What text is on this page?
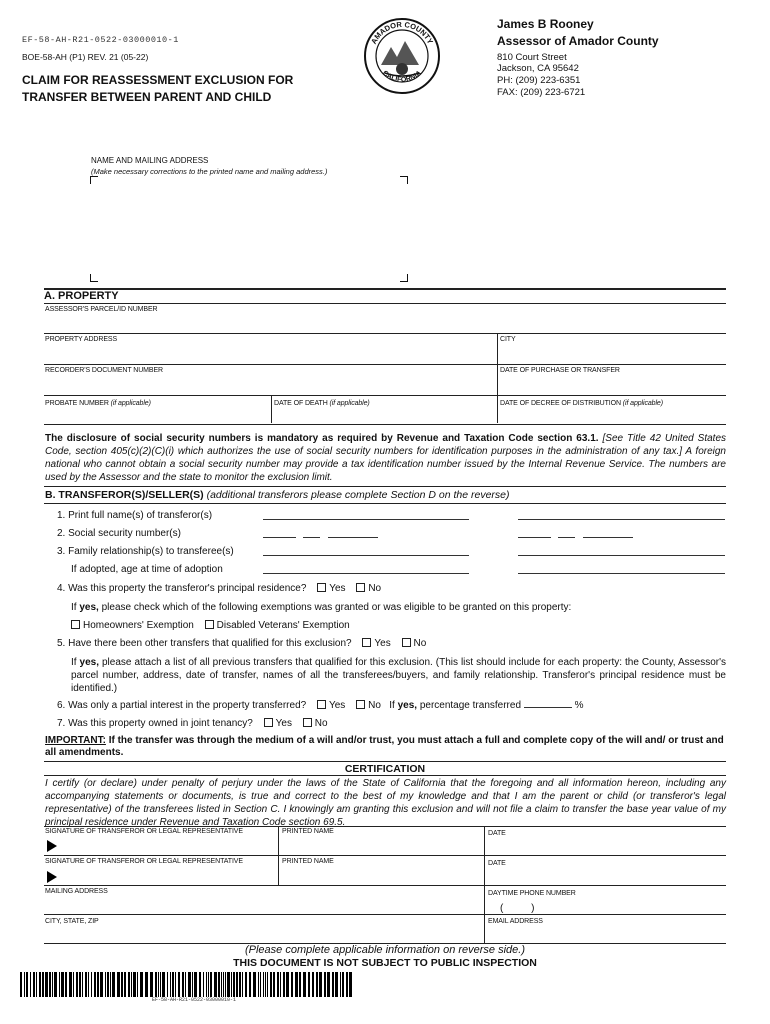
EF-58-AH-R21-0522-03000010-1
BOE-58-AH (P1) REV. 21 (05-22)
CLAIM FOR REASSESSMENT EXCLUSION FOR
TRANSFER BETWEEN PARENT AND CHILD
AMADOR COUNTY
CALIFORNIA
James B Rooney
Assessor of Amador County
810 Court Street
Jackson, CA 95642
PH: (209) 223-6351
FAX: (209) 223-6721
NAME AND MAILING ADDRESS
(Make necessary corrections to the printed name and mailing address.)
A. PROPERTY
ASSESSOR'S PARCEL/ID NUMBER
PROPERTY ADDRESS	CITY
RECORDER'S DOCUMENT NUMBER	DATE OF PURCHASE OR TRANSFER
PROBATE NUMBER (if applicable)	DATE OF DEATH (if applicable)	DATE OF DECREE OF DISTRIBUTION (if applicable)
The disclosure of social security numbers is mandatory as required by Revenue and Taxation Code section 63.1. [See Title 42 United States Code, section 405(c)(2)(C)(i) which authorizes the use of social security numbers for identification purposes in the administration of any tax.] A foreign national who cannot obtain a social security number may provide a tax identification number issued by the Internal Revenue Service. The numbers are used by the Assessor and the state to monitor the exclusion limit.
B. TRANSFEROR(S)/SELLER(S) (additional transferors please complete Section D on the reverse)
1. Print full name(s) of transferor(s)
2. Social security number(s)
3. Family relationship(s) to transferee(s)
If adopted, age at time of adoption
4. Was this property the transferor's principal residence? Yes No
If yes, please check which of the following exemptions was granted or was eligible to be granted on this property:
Homeowners' Exemption Disabled Veterans' Exemption
5. Have there been other transfers that qualified for this exclusion? Yes No
If yes, please attach a list of all previous transfers that qualified for this exclusion. (This list should include for each property: the County, Assessor's parcel number, address, date of transfer, names of all the transferees/buyers, and family relationship. Transferor's principal residence must be identified.)
6. Was only a partial interest in the property transferred? Yes No If yes, percentage transferred	%
7. Was this property owned in joint tenancy? Yes No
IMPORTANT: If the transfer was through the medium of a will and/or trust, you must attach a full and complete copy of the will and/ or trust and all amendments.
CERTIFICATION
I certify (or declare) under penalty of perjury under the laws of the State of California that the foregoing and all information hereon, including any accompanying statements or documents, is true and correct to the best of my knowledge and that I am the parent or child (or transferor's legal representative) of the transferees listed in Section C. I knowingly am granting this exclusion and will not file a claim to transfer the base year value of my principal residence under Revenue and Taxation Code section 69.5.
SIGNATURE OF TRANSFEROR OR LEGAL REPRESENTATIVE	PRINTED NAME	DATE
SIGNATURE OF TRANSFEROR OR LEGAL REPRESENTATIVE	PRINTED NAME	DATE
MAILING ADDRESS	DAYTIME PHONE NUMBER
(          )
CITY, STATE, ZIP	EMAIL ADDRESS
(Please complete applicable information on reverse side.)
THIS DOCUMENT IS NOT SUBJECT TO PUBLIC INSPECTION
EF-58-AH-R21-0522-03000010-1
